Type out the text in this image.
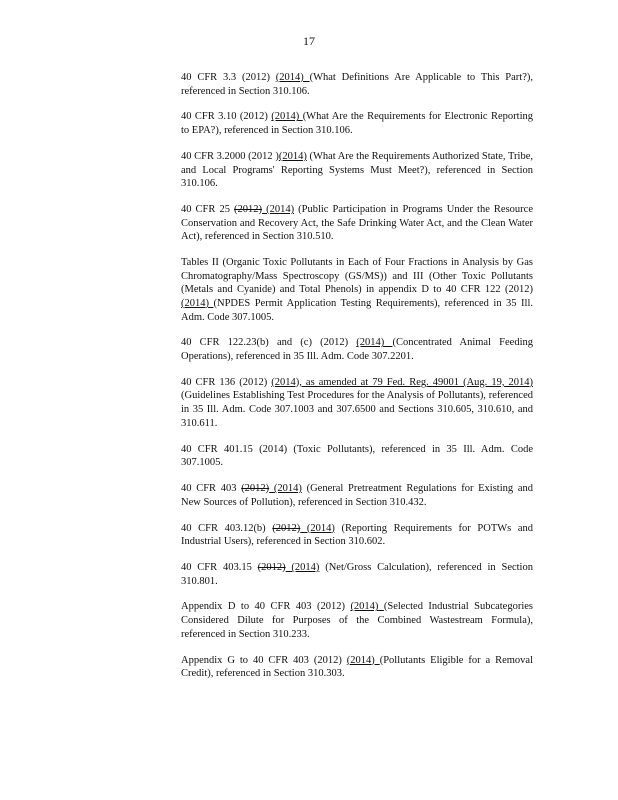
17

40 CFR 3.3 (2012) (2014) (What Definitions Are Applicable to This Part?), referenced in Section 310.106.

40 CFR 3.10 (2012) (2014) (What Are the Requirements for Electronic Reporting to EPA?), referenced in Section 310.106.

40 CFR 3.2000 (2012 )(2014) (What Are the Requirements Authorized State, Tribe, and Local Programs' Reporting Systems Must Meet?), referenced in Section 310.106.

40 CFR 25 (2012) (2014) (Public Participation in Programs Under the Resource Conservation and Recovery Act, the Safe Drinking Water Act, and the Clean Water Act), referenced in Section 310.510.

Tables II (Organic Toxic Pollutants in Each of Four Fractions in Analysis by Gas Chromatography/Mass Spectroscopy (GS/MS)) and III (Other Toxic Pollutants (Metals and Cyanide) and Total Phenols) in appendix D to 40 CFR 122 (2012) (2014) (NPDES Permit Application Testing Requirements), referenced in 35 Ill. Adm. Code 307.1005.

40 CFR 122.23(b) and (c) (2012) (2014) (Concentrated Animal Feeding Operations), referenced in 35 Ill. Adm. Code 307.2201.

40 CFR 136 (2012) (2014), as amended at 79 Fed. Reg. 49001 (Aug. 19, 2014) (Guidelines Establishing Test Procedures for the Analysis of Pollutants), referenced in 35 Ill. Adm. Code 307.1003 and 307.6500 and Sections 310.605, 310.610, and 310.611.

40 CFR 401.15 (2014) (Toxic Pollutants), referenced in 35 Ill. Adm. Code 307.1005.

40 CFR 403 (2012) (2014) (General Pretreatment Regulations for Existing and New Sources of Pollution), referenced in Section 310.432.

40 CFR 403.12(b) (2012) (2014) (Reporting Requirements for POTWs and Industrial Users), referenced in Section 310.602.

40 CFR 403.15 (2012) (2014) (Net/Gross Calculation), referenced in Section 310.801.

Appendix D to 40 CFR 403 (2012) (2014) (Selected Industrial Subcategories Considered Dilute for Purposes of the Combined Wastestream Formula), referenced in Section 310.233.

Appendix G to 40 CFR 403 (2012) (2014) (Pollutants Eligible for a Removal Credit), referenced in Section 310.303.
